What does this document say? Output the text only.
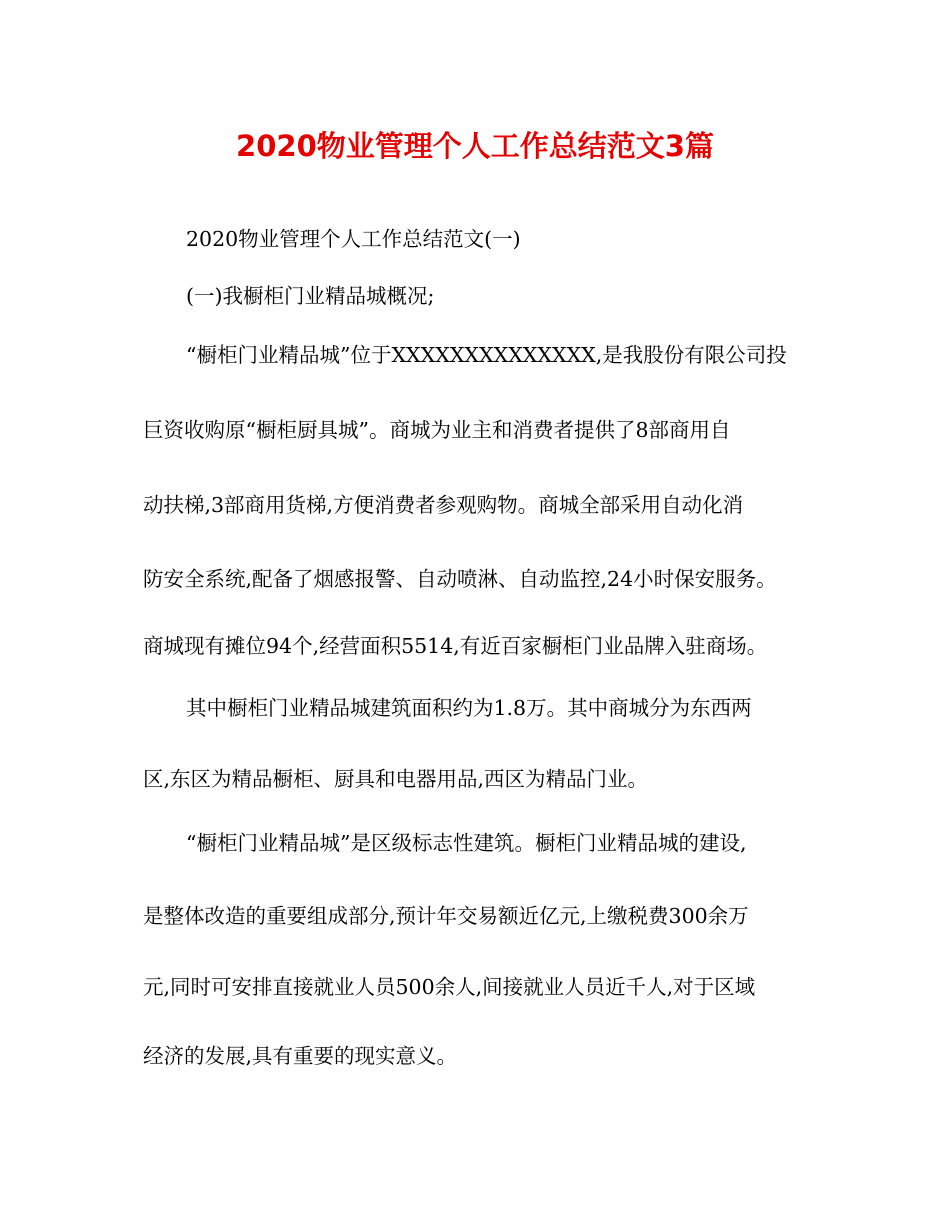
2020物业管理个人工作总结范文3篇

2020物业管理个人工作总结范文(一)

(一)我橱柜门业精品城概况;

“橱柜门业精品城”位于XXXXXXXXXXXXXX,是我股份有限公司投

巨资收购原“橱柜厨具城”。商城为业主和消费者提供了8部商用自

动扶梯,3部商用货梯,方便消费者参观购物。商城全部采用自动化消

防安全系统,配备了烟感报警、自动喷淋、自动监控,24小时保安服务。

商城现有摊位94个,经营面积5514,有近百家橱柜门业品牌入驻商场。

其中橱柜门业精品城建筑面积约为1.8万。其中商城分为东西两

区,东区为精品橱柜、厨具和电器用品,西区为精品门业。

“橱柜门业精品城”是区级标志性建筑。橱柜门业精品城的建设,

是整体改造的重要组成部分,预计年交易额近亿元,上缴税费300余万

元,同时可安排直接就业人员500余人,间接就业人员近千人,对于区域

经济的发展,具有重要的现实意义。
